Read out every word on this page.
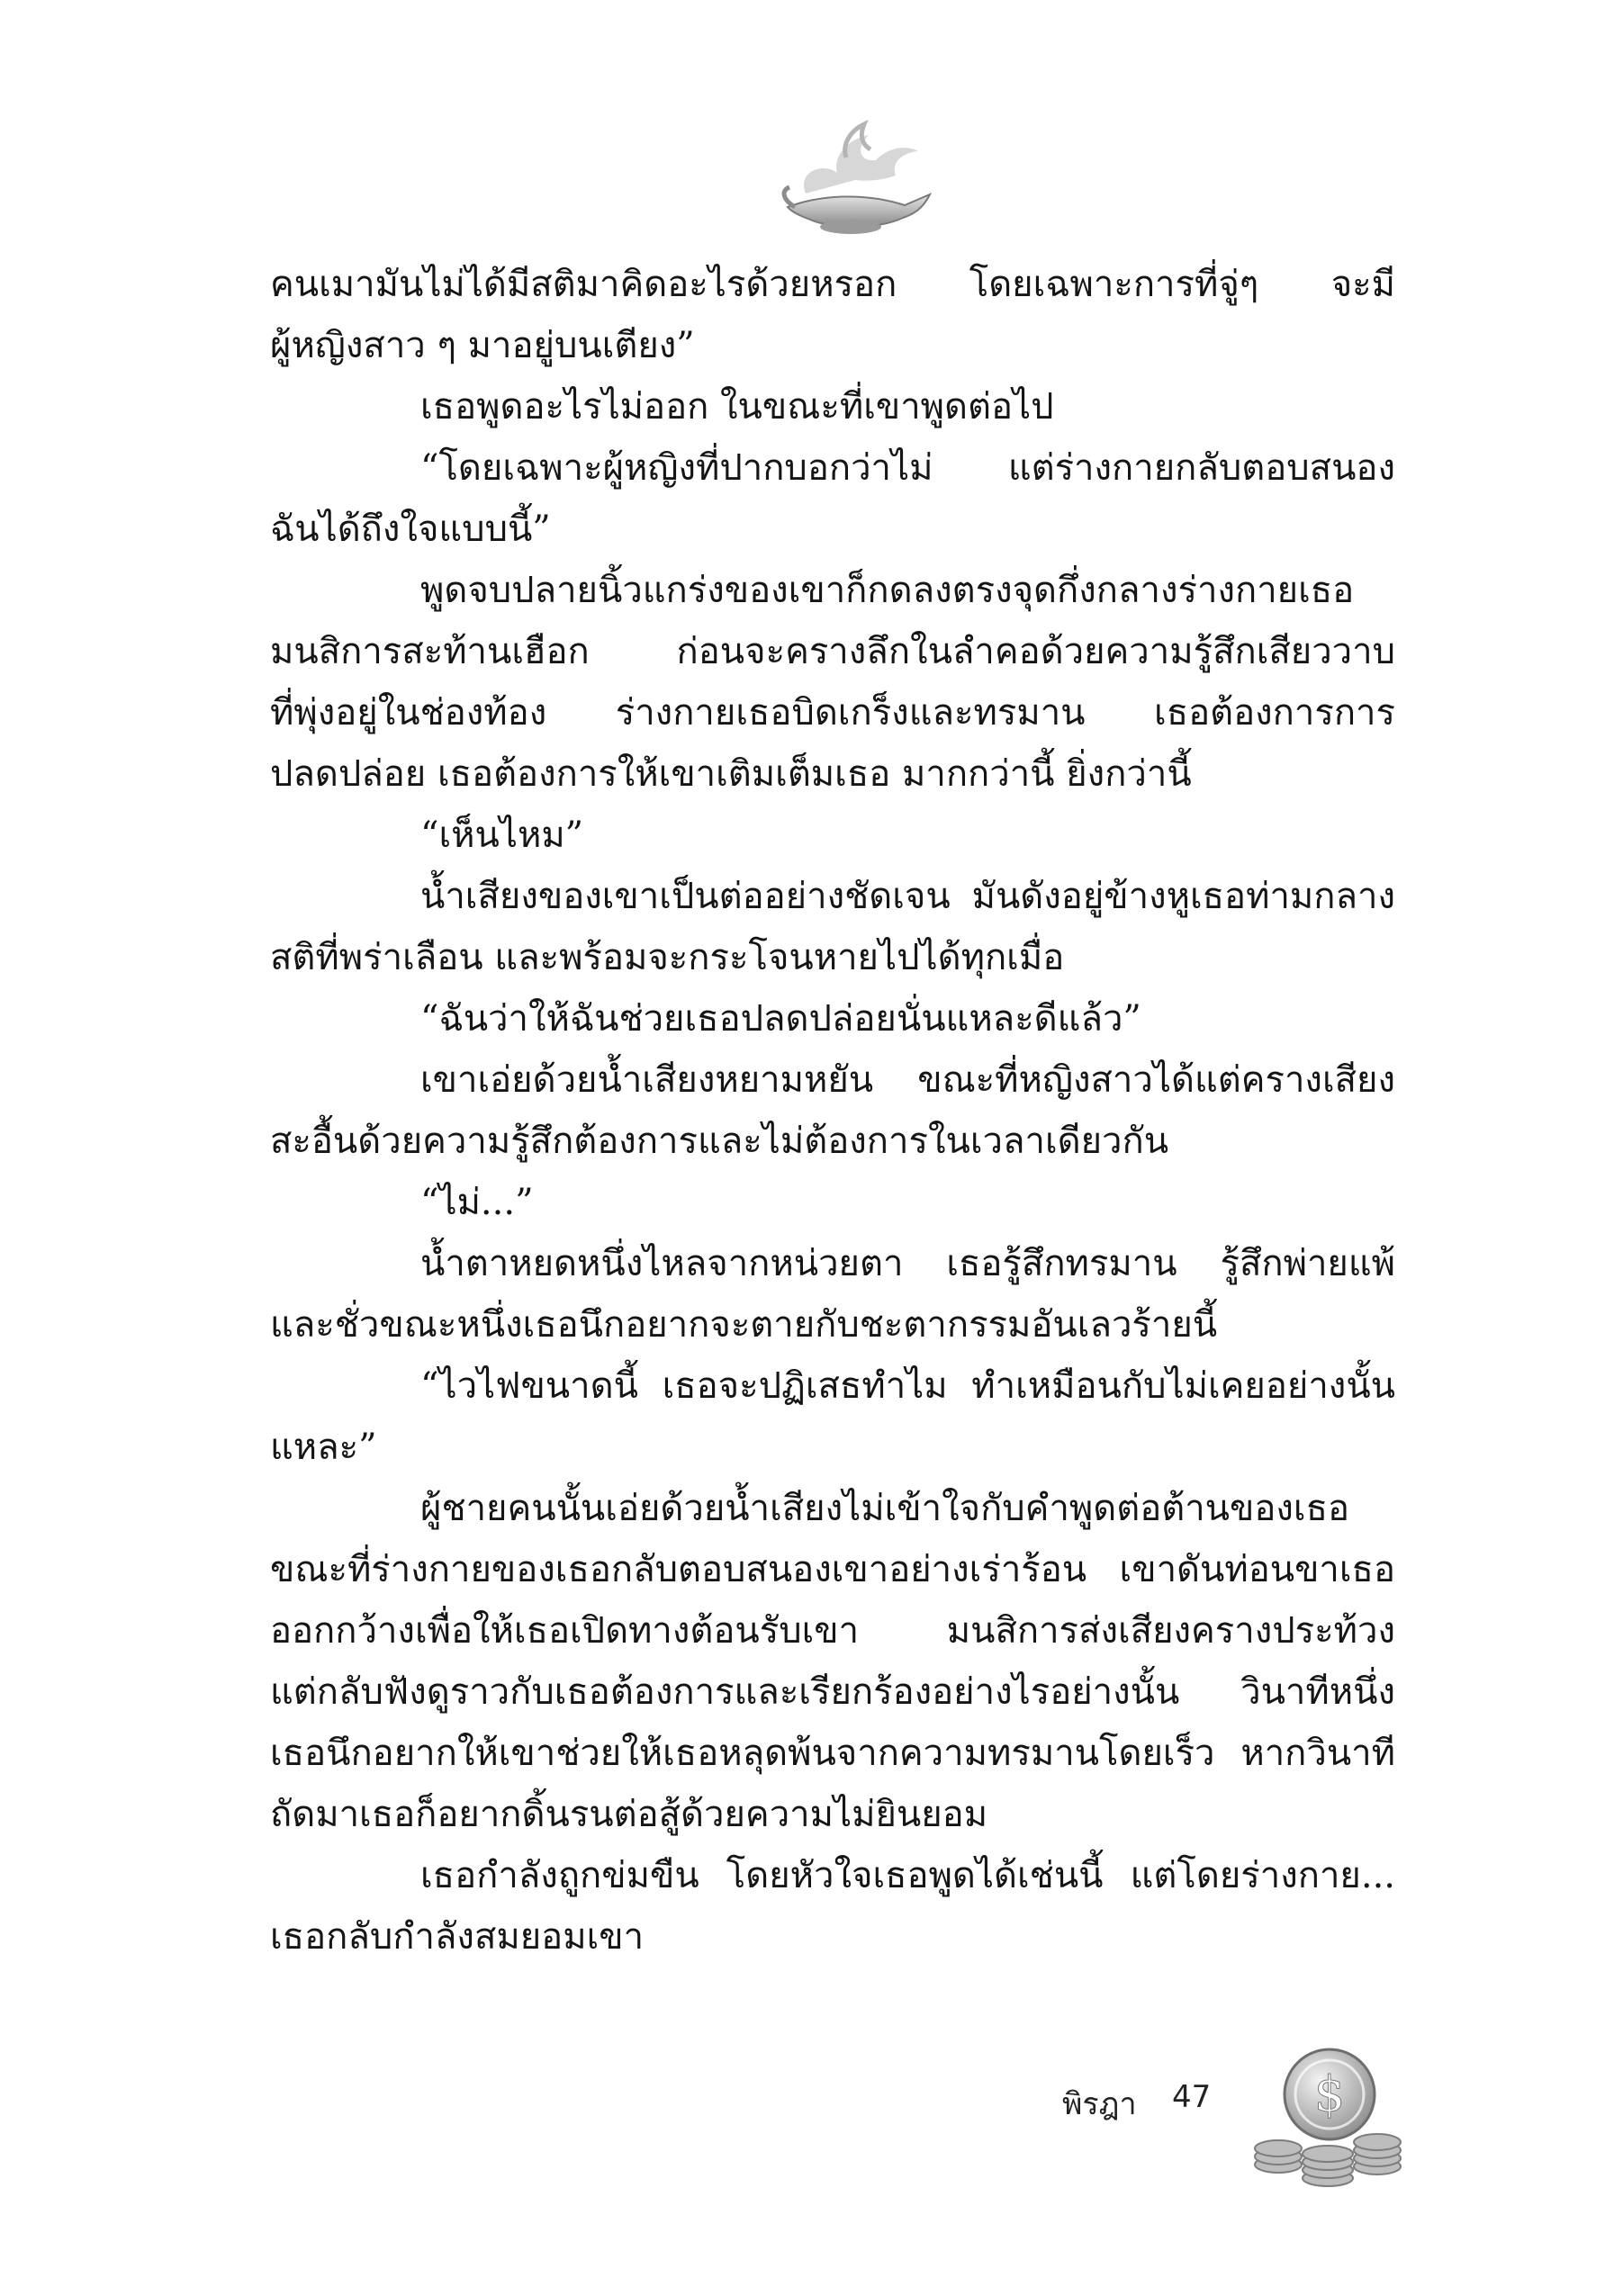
คนเมามันไม่ได้มีสติมาคิดอะไรด้วยหรอก โดยเฉพาะการที่จู่ๆ จะมี
ผู้หญิงสาว ๆ มาอยู่บนเตียง”
เธอพูดอะไรไม่ออก ในขณะที่เขาพูดต่อไป
“โดยเฉพาะผู้หญิงที่ปากบอกว่าไม่ แต่ร่างกายกลับตอบสนอง
ฉันได้ถึงใจแบบนี้”
พูดจบปลายนิ้วแกร่งของเขาก็กดลงตรงจุดกึ่งกลางร่างกายเธอ
มนสิการสะท้านเฮือก ก่อนจะครางลึกในลำคอด้วยความรู้สึกเสียววาบ
ที่พุ่งอยู่ในช่องท้อง ร่างกายเธอบิดเกร็งและทรมาน เธอต้องการการ
ปลดปล่อย เธอต้องการให้เขาเติมเต็มเธอ มากกว่านี้ ยิ่งกว่านี้
“เห็นไหม”
น้ำเสียงของเขาเป็นต่ออย่างชัดเจน มันดังอยู่ข้างหูเธอท่ามกลาง
สติที่พร่าเลือน และพร้อมจะกระโจนหายไปได้ทุกเมื่อ
“ฉันว่าให้ฉันช่วยเธอปลดปล่อยนั่นแหละดีแล้ว”
เขาเอ่ยด้วยน้ำเสียงหยามหยัน ขณะที่หญิงสาวได้แต่ครางเสียง
สะอื้นด้วยความรู้สึกต้องการและไม่ต้องการในเวลาเดียวกัน
“ไม่...”
น้ำตาหยดหนึ่งไหลจากหน่วยตา เธอรู้สึกทรมาน รู้สึกพ่ายแพ้
และชั่วขณะหนึ่งเธอนึกอยากจะตายกับชะตากรรมอันเลวร้ายนี้
“ไวไฟขนาดนี้ เธอจะปฏิเสธทำไม ทำเหมือนกับไม่เคยอย่างนั้น
แหละ”
ผู้ชายคนนั้นเอ่ยด้วยน้ำเสียงไม่เข้าใจกับคำพูดต่อต้านของเธอ
ขณะที่ร่างกายของเธอกลับตอบสนองเขาอย่างเร่าร้อน เขาดันท่อนขาเธอ
ออกกว้างเพื่อให้เธอเปิดทางต้อนรับเขา มนสิการส่งเสียงครางประท้วง
แต่กลับฟังดูราวกับเธอต้องการและเรียกร้องอย่างไรอย่างนั้น วินาทีหนึ่ง
เธอนึกอยากให้เขาช่วยให้เธอหลุดพ้นจากความทรมานโดยเร็ว หากวินาที
ถัดมาเธอก็อยากดิ้นรนต่อสู้ด้วยความไม่ยินยอม
เธอกำลังถูกข่มขืน โดยหัวใจเธอพูดได้เช่นนี้ แต่โดยร่างกาย...
เธอกลับกำลังสมยอมเขา
พิรฎา 47 $
